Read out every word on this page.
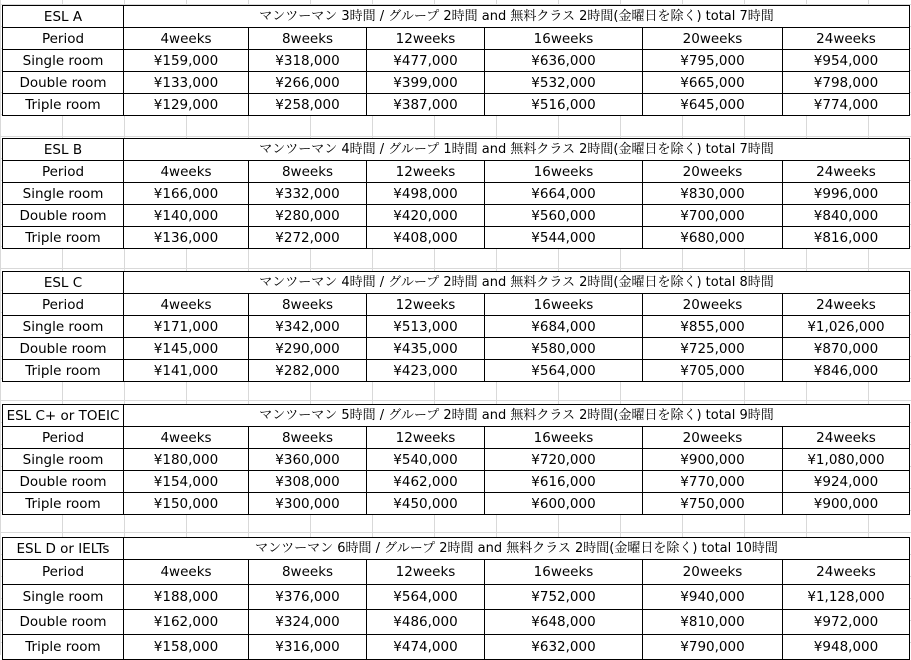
ESL A	マンツーマン 3時間 / グループ 2時間 and 無料クラス 2時間(金曜日を除く) total 7時間					
Period	4weeks	8weeks	12weeks	16weeks	20weeks	24weeks
Single room	¥159,000	¥318,000	¥477,000	¥636,000	¥795,000	¥954,000
Double room	¥133,000	¥266,000	¥399,000	¥532,000	¥665,000	¥798,000
Triple room	¥129,000	¥258,000	¥387,000	¥516,000	¥645,000	¥774,000
ESL B	マンツーマン 4時間 / グループ 1時間 and 無料クラス 2時間(金曜日を除く) total 7時間					
Period	4weeks	8weeks	12weeks	16weeks	20weeks	24weeks
Single room	¥166,000	¥332,000	¥498,000	¥664,000	¥830,000	¥996,000
Double room	¥140,000	¥280,000	¥420,000	¥560,000	¥700,000	¥840,000
Triple room	¥136,000	¥272,000	¥408,000	¥544,000	¥680,000	¥816,000
ESL C	マンツーマン 4時間 / グループ 2時間 and 無料クラス 2時間(金曜日を除く) total 8時間					
Period	4weeks	8weeks	12weeks	16weeks	20weeks	24weeks
Single room	¥171,000	¥342,000	¥513,000	¥684,000	¥855,000	¥1,026,000
Double room	¥145,000	¥290,000	¥435,000	¥580,000	¥725,000	¥870,000
Triple room	¥141,000	¥282,000	¥423,000	¥564,000	¥705,000	¥846,000
ESL C+ or TOEIC	マンツーマン 5時間 / グループ 2時間 and 無料クラス 2時間(金曜日を除く) total 9時間					
Period	4weeks	8weeks	12weeks	16weeks	20weeks	24weeks
Single room	¥180,000	¥360,000	¥540,000	¥720,000	¥900,000	¥1,080,000
Double room	¥154,000	¥308,000	¥462,000	¥616,000	¥770,000	¥924,000
Triple room	¥150,000	¥300,000	¥450,000	¥600,000	¥750,000	¥900,000
ESL D or IELTs	マンツーマン 6時間 / グループ 2時間 and 無料クラス 2時間(金曜日を除く) total 10時間					
Period	4weeks	8weeks	12weeks	16weeks	20weeks	24weeks
Single room	¥188,000	¥376,000	¥564,000	¥752,000	¥940,000	¥1,128,000
Double room	¥162,000	¥324,000	¥486,000	¥648,000	¥810,000	¥972,000
Triple room	¥158,000	¥316,000	¥474,000	¥632,000	¥790,000	¥948,000
